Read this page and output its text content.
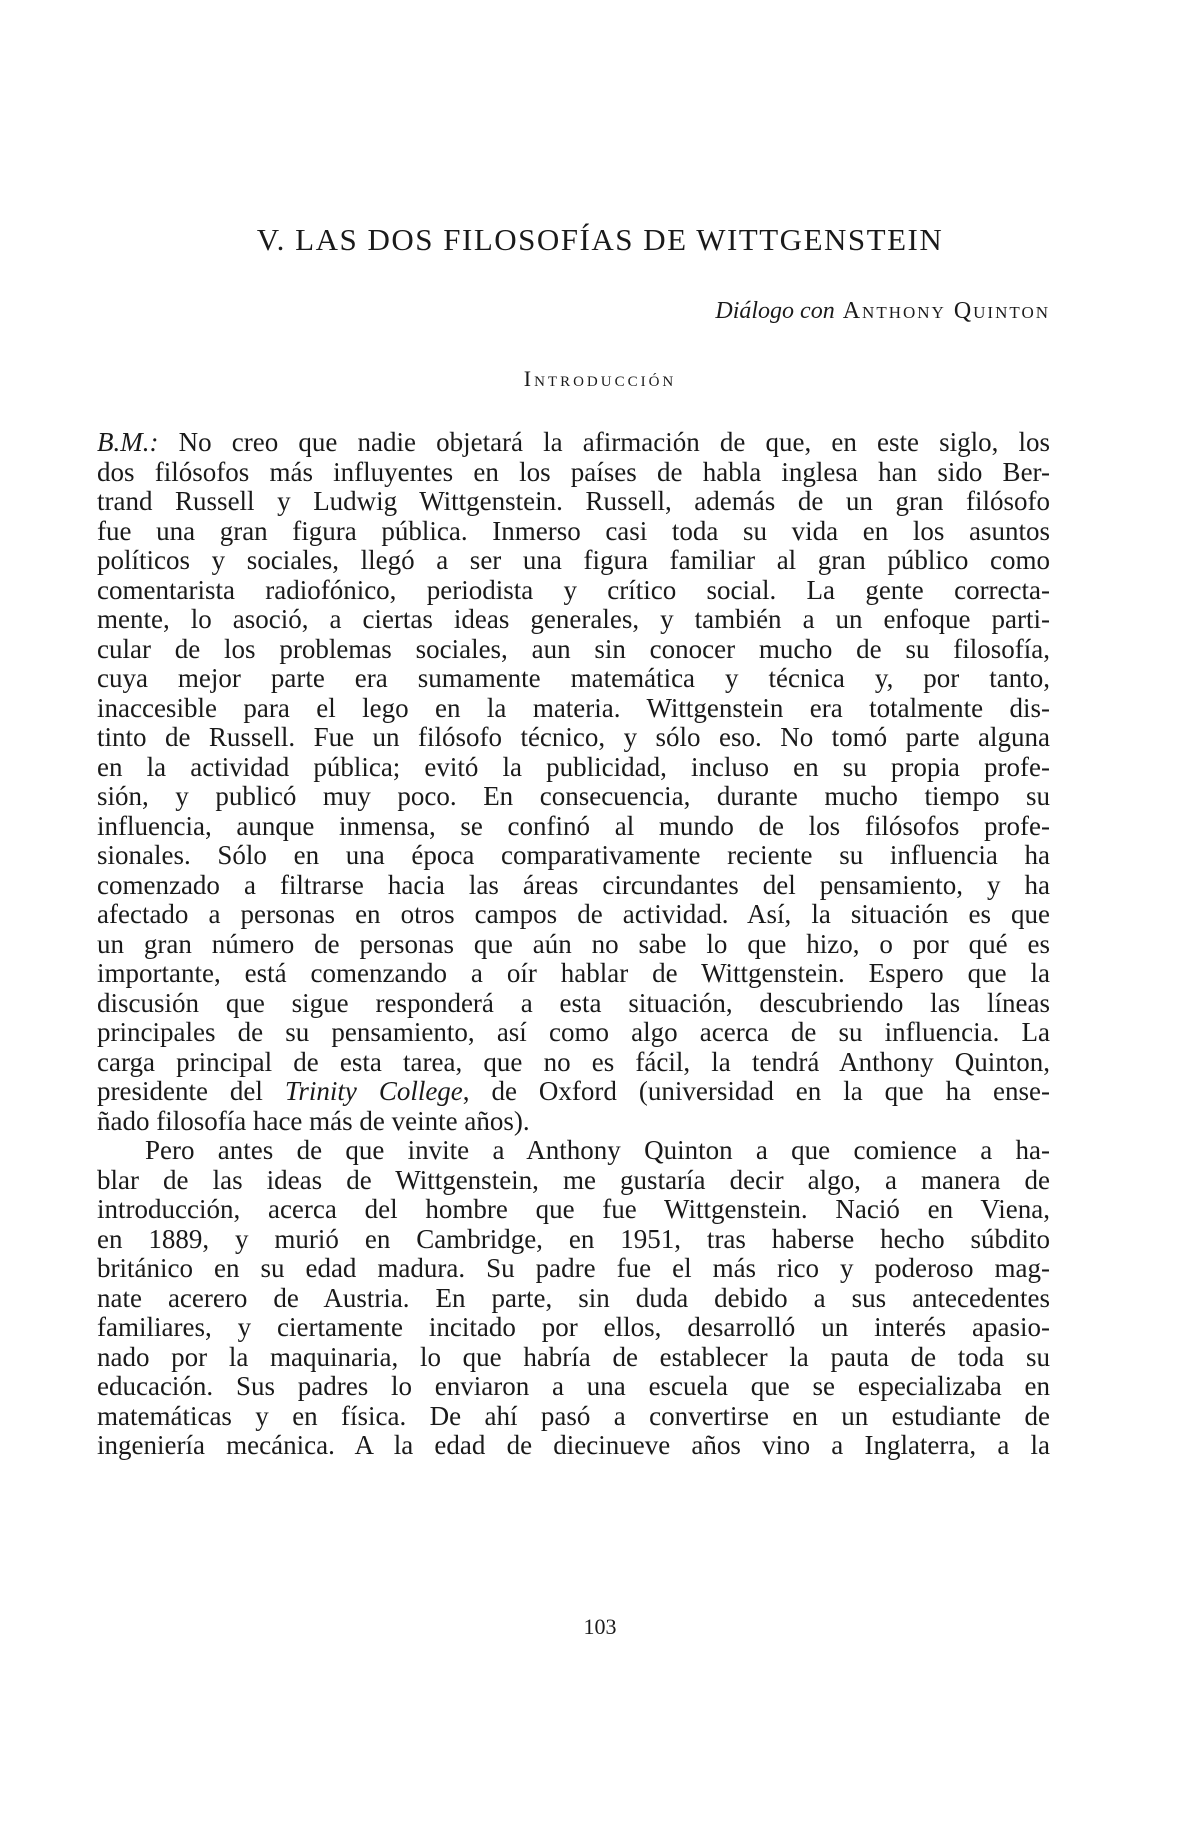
V. LAS DOS FILOSOFÍAS DE WITTGENSTEIN
Diálogo con Anthony Quinton
Introducción
B.M.: No creo que nadie objetará la afirmación de que, en este siglo, los
dos filósofos más influyentes en los países de habla inglesa han sido Ber-
trand Russell y Ludwig Wittgenstein. Russell, además de un gran filósofo
fue una gran figura pública. Inmerso casi toda su vida en los asuntos
políticos y sociales, llegó a ser una figura familiar al gran público como
comentarista radiofónico, periodista y crítico social. La gente correcta-
mente, lo asoció, a ciertas ideas generales, y también a un enfoque parti-
cular de los problemas sociales, aun sin conocer mucho de su filosofía,
cuya mejor parte era sumamente matemática y técnica y, por tanto,
inaccesible para el lego en la materia. Wittgenstein era totalmente dis-
tinto de Russell. Fue un filósofo técnico, y sólo eso. No tomó parte alguna
en la actividad pública; evitó la publicidad, incluso en su propia profe-
sión, y publicó muy poco. En consecuencia, durante mucho tiempo su
influencia, aunque inmensa, se confinó al mundo de los filósofos profe-
sionales. Sólo en una época comparativamente reciente su influencia ha
comenzado a filtrarse hacia las áreas circundantes del pensamiento, y ha
afectado a personas en otros campos de actividad. Así, la situación es que
un gran número de personas que aún no sabe lo que hizo, o por qué es
importante, está comenzando a oír hablar de Wittgenstein. Espero que la
discusión que sigue responderá a esta situación, descubriendo las líneas
principales de su pensamiento, así como algo acerca de su influencia. La
carga principal de esta tarea, que no es fácil, la tendrá Anthony Quinton,
presidente del Trinity College, de Oxford (universidad en la que ha ense-
ñado filosofía hace más de veinte años).
Pero antes de que invite a Anthony Quinton a que comience a ha-
blar de las ideas de Wittgenstein, me gustaría decir algo, a manera de
introducción, acerca del hombre que fue Wittgenstein. Nació en Viena,
en 1889, y murió en Cambridge, en 1951, tras haberse hecho súbdito
británico en su edad madura. Su padre fue el más rico y poderoso mag-
nate acerero de Austria. En parte, sin duda debido a sus antecedentes
familiares, y ciertamente incitado por ellos, desarrolló un interés apasio-
nado por la maquinaria, lo que habría de establecer la pauta de toda su
educación. Sus padres lo enviaron a una escuela que se especializaba en
matemáticas y en física. De ahí pasó a convertirse en un estudiante de
ingeniería mecánica. A la edad de diecinueve años vino a Inglaterra, a la
103
